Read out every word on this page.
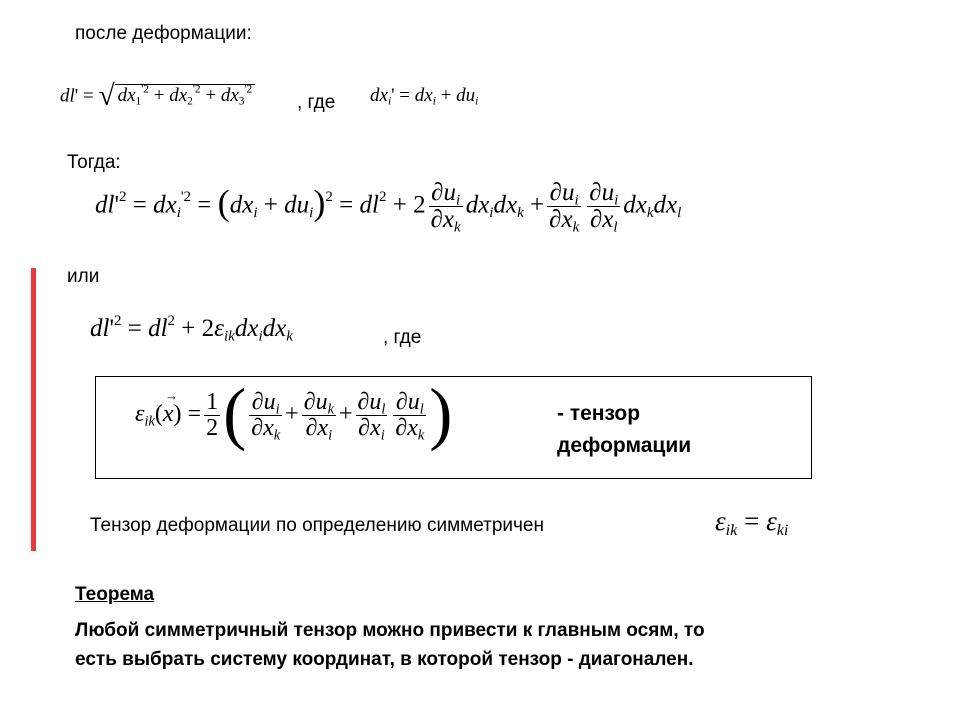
после деформации:
dl' = √ $dx_1^{'2} + dx_2^{'2} + dx_3^{'2}$
, где $dx_i' = dx_i + du_i$
Тогда:
$dl'^2 = dx_i^{'2} = (dx_i + du_i)^2 = dl^2 + 2 \frac{\partial u_i}{\partial x_k} dx_idx_k + \frac{\partial u_i}{\partial x_k} \frac{\partial u_i}{\partial x_l} dx_kdx_l$
или
$dl'^2 = dl^2 + 2\varepsilon_{ik}dx_idx_k$	, где
$\varepsilon_{ik}(x$
→
) = $\frac{1}{2}$ ( $\frac{\partial u_i}{\partial x_k} + \frac{\partial u_k}{\partial x_i} + \frac{\partial u_l}{\partial x_i} \frac{\partial u_l}{\partial x_k}$ )	- тензор
деформации
Тензор деформации по определению симметричен	$\varepsilon_{ik} = \varepsilon_{ki}$
Теорема
Любой симметричный тензор можно привести к главным осям, то
есть выбрать систему координат, в которой тензор - диагонален.
